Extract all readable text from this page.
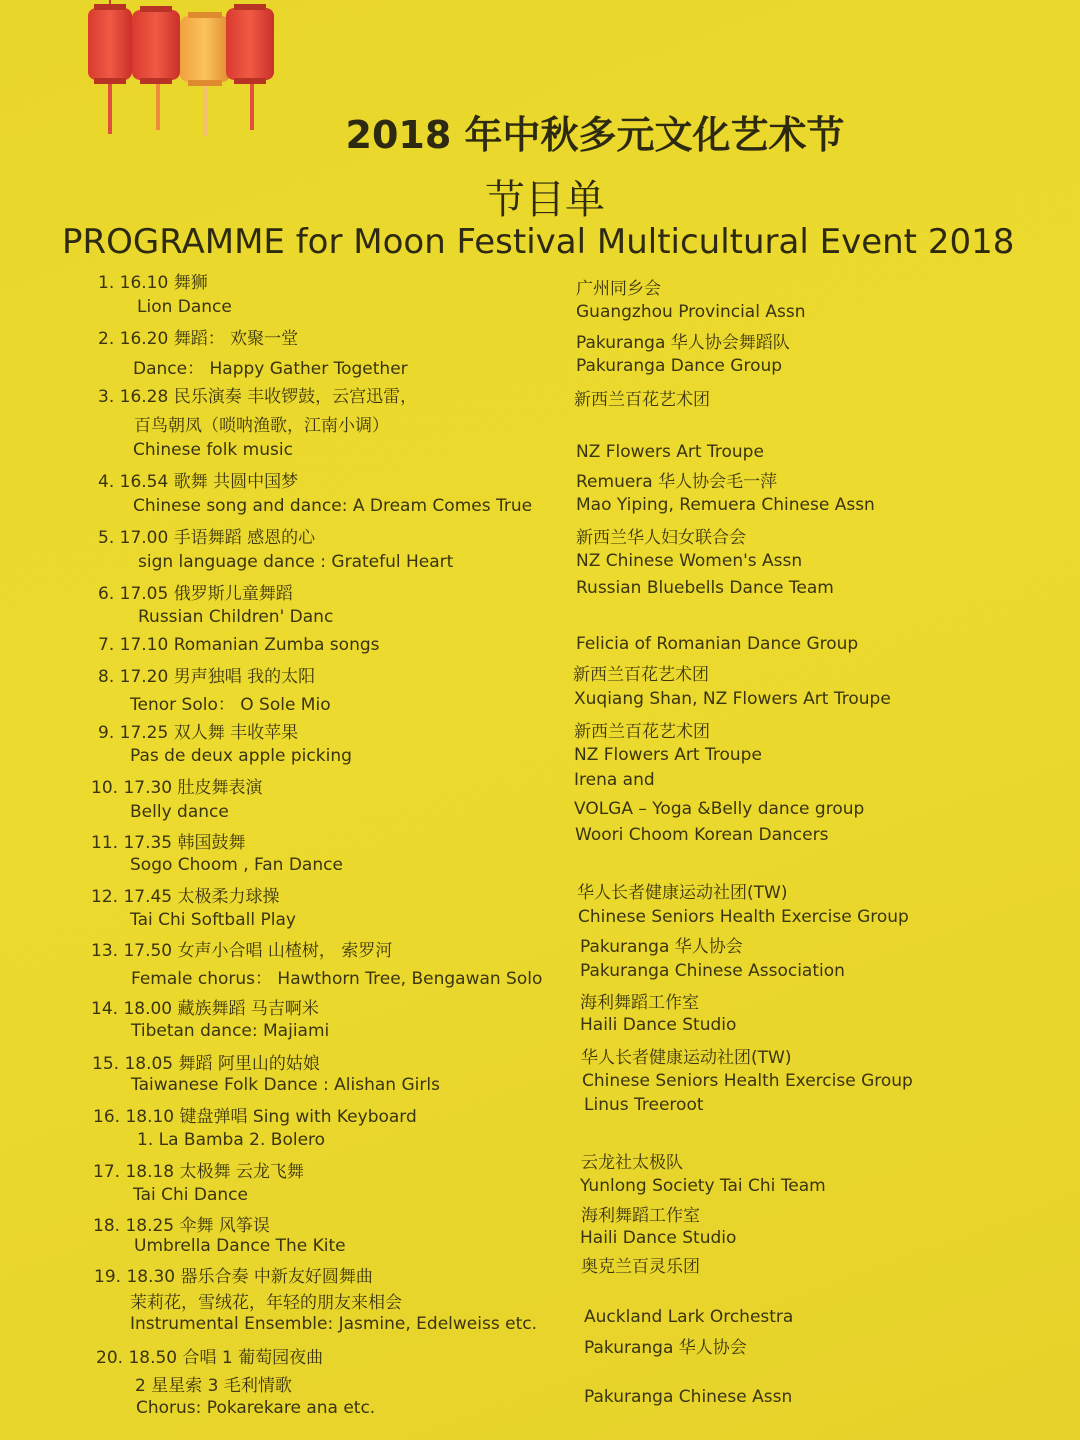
2018 年中秋多元文化艺术节
节目单
PROGRAMME for Moon Festival Multicultural Event 2018
1. 16.10 舞狮
Lion Dance
2. 16.20 舞蹈： 欢聚一堂
Dance： Happy Gather Together
3. 16.28 民乐演奏 丰收锣鼓，云宫迅雷，
百鸟朝凤（唢呐渔歌，江南小调）
Chinese folk music
4. 16.54 歌舞 共圆中国梦
Chinese song and dance: A Dream Comes True
5. 17.00 手语舞蹈 感恩的心
sign language dance : Grateful Heart
6. 17.05 俄罗斯儿童舞蹈
Russian Children' Danc
7. 17.10 Romanian Zumba songs
8. 17.20 男声独唱 我的太阳
Tenor Solo： O Sole Mio
9. 17.25 双人舞 丰收苹果
Pas de deux apple picking
10. 17.30 肚皮舞表演
Belly dance
11. 17.35 韩国鼓舞
Sogo Choom , Fan Dance
12. 17.45 太极柔力球操
Tai Chi Softball Play
13. 17.50 女声小合唱 山楂树， 索罗河
Female chorus： Hawthorn Tree, Bengawan Solo
14. 18.00 藏族舞蹈 马吉啊米
Tibetan dance: Majiami
15. 18.05 舞蹈 阿里山的姑娘
Taiwanese Folk Dance : Alishan Girls
16. 18.10 键盘弹唱 Sing with Keyboard
1. La Bamba 2. Bolero
17. 18.18 太极舞 云龙飞舞
Tai Chi Dance
18. 18.25 伞舞 风筝误
Umbrella Dance The Kite
19. 18.30 器乐合奏 中新友好圆舞曲
茉莉花，雪绒花，年轻的朋友来相会
Instrumental Ensemble: Jasmine, Edelweiss etc.
20. 18.50 合唱 1 葡萄园夜曲
2 星星索 3 毛利情歌
Chorus: Pokarekare ana etc.
广州同乡会
Guangzhou Provincial Assn
Pakuranga 华人协会舞蹈队
Pakuranga Dance Group
新西兰百花艺术团
NZ Flowers Art Troupe
Remuera 华人协会毛一萍
Mao Yiping, Remuera Chinese Assn
新西兰华人妇女联合会
NZ Chinese Women's Assn
Russian Bluebells Dance Team
Felicia of Romanian Dance Group
新西兰百花艺术团
Xuqiang Shan, NZ Flowers Art Troupe
新西兰百花艺术团
NZ Flowers Art Troupe
Irena and
VOLGA – Yoga &Belly dance group
Woori Choom Korean Dancers
华人长者健康运动社团(TW)
Chinese Seniors Health Exercise Group
Pakuranga 华人协会
Pakuranga Chinese Association
海利舞蹈工作室
Haili Dance Studio
华人长者健康运动社团(TW)
Chinese Seniors Health Exercise Group
Linus Treeroot
云龙社太极队
Yunlong Society Tai Chi Team
海利舞蹈工作室
Haili Dance Studio
奥克兰百灵乐团
Auckland Lark Orchestra
Pakuranga 华人协会
Pakuranga Chinese Assn
